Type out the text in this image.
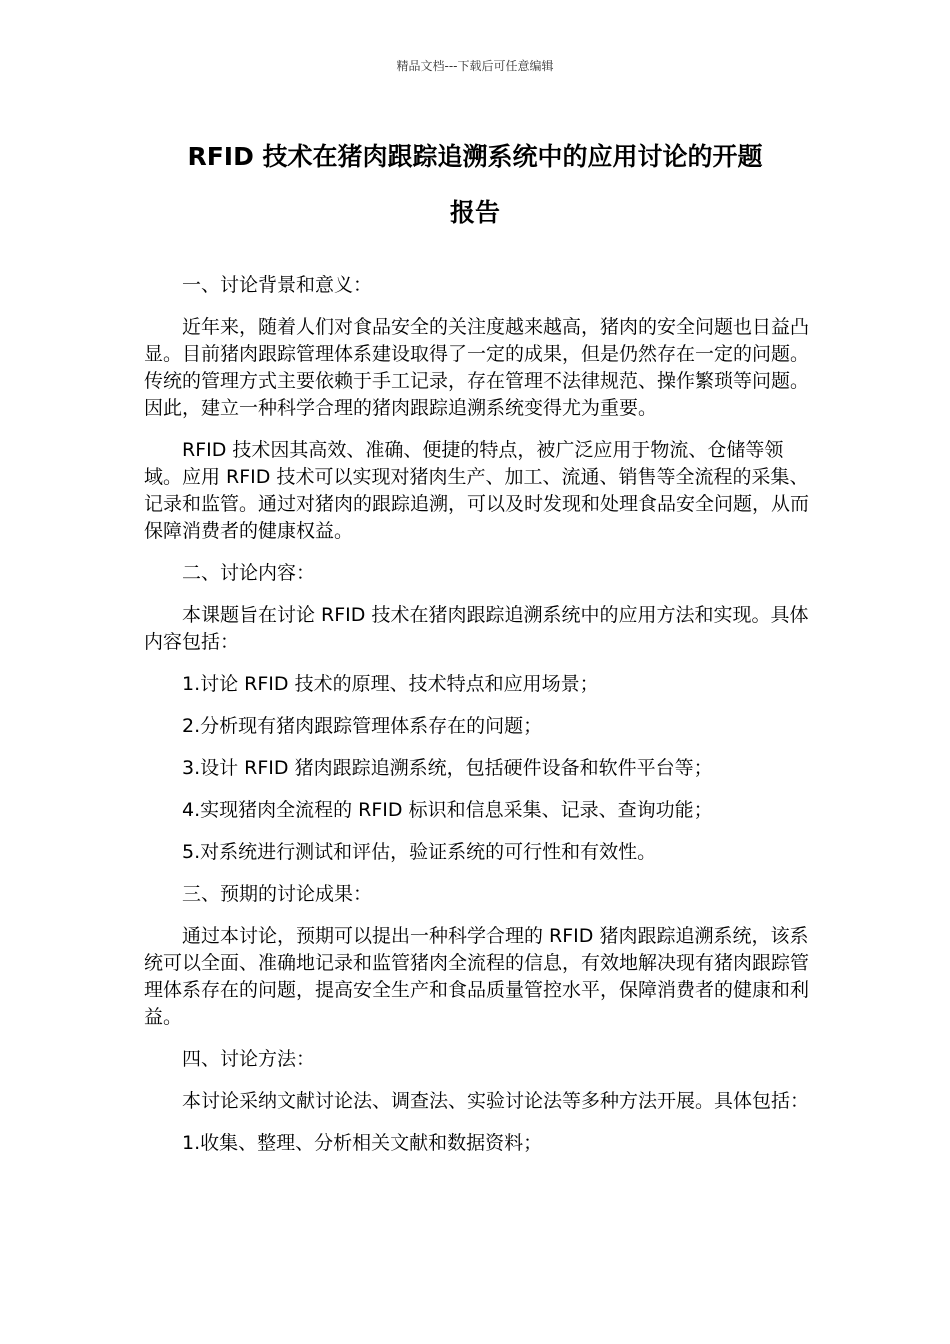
精品文档---下载后可任意编辑
RFID 技术在猪肉跟踪追溯系统中的应用讨论的开题
报告

一、讨论背景和意义：

近年来，随着人们对食品安全的关注度越来越高，猪肉的安全问题也日益凸显。目前猪肉跟踪管理体系建设取得了一定的成果，但是仍然存在一定的问题。传统的管理方式主要依赖于手工记录，存在管理不法律规范、操作繁琐等问题。因此，建立一种科学合理的猪肉跟踪追溯系统变得尤为重要。

RFID 技术因其高效、准确、便捷的特点，被广泛应用于物流、仓储等领域。应用 RFID 技术可以实现对猪肉生产、加工、流通、销售等全流程的采集、记录和监管。通过对猪肉的跟踪追溯，可以及时发现和处理食品安全问题，从而保障消费者的健康权益。

二、讨论内容：

本课题旨在讨论 RFID 技术在猪肉跟踪追溯系统中的应用方法和实现。具体内容包括：

1.讨论 RFID 技术的原理、技术特点和应用场景；

2.分析现有猪肉跟踪管理体系存在的问题；

3.设计 RFID 猪肉跟踪追溯系统，包括硬件设备和软件平台等；

4.实现猪肉全流程的 RFID 标识和信息采集、记录、查询功能；

5.对系统进行测试和评估，验证系统的可行性和有效性。

三、预期的讨论成果：

通过本讨论，预期可以提出一种科学合理的 RFID 猪肉跟踪追溯系统，该系统可以全面、准确地记录和监管猪肉全流程的信息，有效地解决现有猪肉跟踪管理体系存在的问题，提高安全生产和食品质量管控水平，保障消费者的健康和利益。

四、讨论方法：

本讨论采纳文献讨论法、调查法、实验讨论法等多种方法开展。具体包括：

1.收集、整理、分析相关文献和数据资料；
